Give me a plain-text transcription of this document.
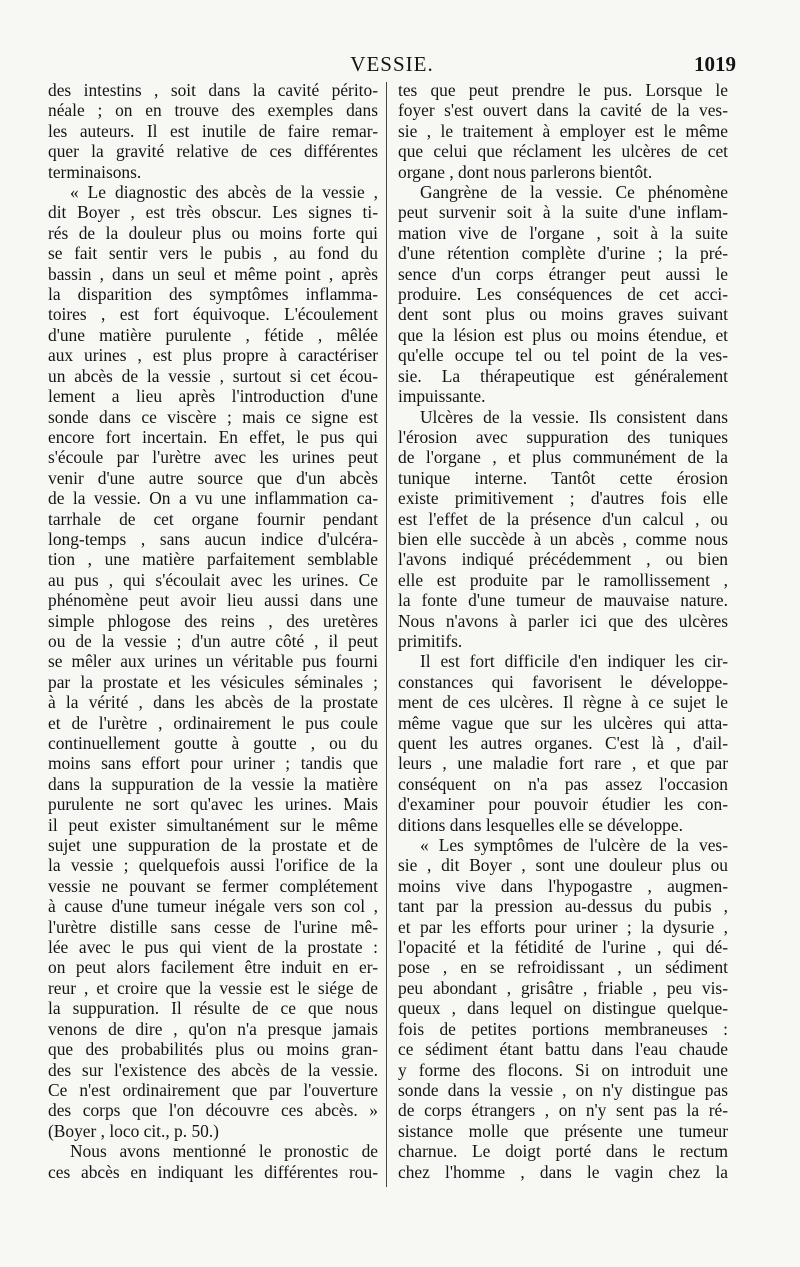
VESSIE.	1019
des intestins , soit dans la cavité périto-
néale ; on en trouve des exemples dans
les auteurs. Il est inutile de faire remar-
quer la gravité relative de ces différentes
terminaisons.
« Le diagnostic des abcès de la vessie ,
dit Boyer , est très obscur. Les signes ti-
rés de la douleur plus ou moins forte qui
se fait sentir vers le pubis , au fond du
bassin , dans un seul et même point , après
la disparition des symptômes inflamma-
toires , est fort équivoque. L'écoulement
d'une matière purulente , fétide , mêlée
aux urines , est plus propre à caractériser
un abcès de la vessie , surtout si cet écou-
lement a lieu après l'introduction d'une
sonde dans ce viscère ; mais ce signe est
encore fort incertain. En effet, le pus qui
s'écoule par l'urètre avec les urines peut
venir d'une autre source que d'un abcès
de la vessie. On a vu une inflammation ca-
tarrhale de cet organe fournir pendant
long-temps , sans aucun indice d'ulcéra-
tion , une matière parfaitement semblable
au pus , qui s'écoulait avec les urines. Ce
phénomène peut avoir lieu aussi dans une
simple phlogose des reins , des uretères
ou de la vessie ; d'un autre côté , il peut
se mêler aux urines un véritable pus fourni
par la prostate et les vésicules séminales ;
à la vérité , dans les abcès de la prostate
et de l'urètre , ordinairement le pus coule
continuellement goutte à goutte , ou du
moins sans effort pour uriner ; tandis que
dans la suppuration de la vessie la matière
purulente ne sort qu'avec les urines. Mais
il peut exister simultanément sur le même
sujet une suppuration de la prostate et de
la vessie ; quelquefois aussi l'orifice de la
vessie ne pouvant se fermer complétement
à cause d'une tumeur inégale vers son col ,
l'urètre distille sans cesse de l'urine mê-
lée avec le pus qui vient de la prostate :
on peut alors facilement être induit en er-
reur , et croire que la vessie est le siége de
la suppuration. Il résulte de ce que nous
venons de dire , qu'on n'a presque jamais
que des probabilités plus ou moins gran-
des sur l'existence des abcès de la vessie.
Ce n'est ordinairement que par l'ouverture
des corps que l'on découvre ces abcès. »
(Boyer , loco cit., p. 50.)
Nous avons mentionné le pronostic de
ces abcès en indiquant les différentes rou-
tes que peut prendre le pus. Lorsque le
foyer s'est ouvert dans la cavité de la ves-
sie , le traitement à employer est le même
que celui que réclament les ulcères de cet
organe , dont nous parlerons bientôt.
Gangrène de la vessie. Ce phénomène
peut survenir soit à la suite d'une inflam-
mation vive de l'organe , soit à la suite
d'une rétention complète d'urine ; la pré-
sence d'un corps étranger peut aussi le
produire. Les conséquences de cet acci-
dent sont plus ou moins graves suivant
que la lésion est plus ou moins étendue, et
qu'elle occupe tel ou tel point de la ves-
sie. La thérapeutique est généralement
impuissante.
Ulcères de la vessie. Ils consistent dans
l'érosion avec suppuration des tuniques
de l'organe , et plus communément de la
tunique interne. Tantôt cette érosion
existe primitivement ; d'autres fois elle
est l'effet de la présence d'un calcul , ou
bien elle succède à un abcès , comme nous
l'avons indiqué précédemment , ou bien
elle est produite par le ramollissement ,
la fonte d'une tumeur de mauvaise nature.
Nous n'avons à parler ici que des ulcères
primitifs.
Il est fort difficile d'en indiquer les cir-
constances qui favorisent le développe-
ment de ces ulcères. Il règne à ce sujet le
même vague que sur les ulcères qui atta-
quent les autres organes. C'est là , d'ail-
leurs , une maladie fort rare , et que par
conséquent on n'a pas assez l'occasion
d'examiner pour pouvoir étudier les con-
ditions dans lesquelles elle se développe.
« Les symptômes de l'ulcère de la ves-
sie , dit Boyer , sont une douleur plus ou
moins vive dans l'hypogastre , augmen-
tant par la pression au-dessus du pubis ,
et par les efforts pour uriner ; la dysurie ,
l'opacité et la fétidité de l'urine , qui dé-
pose , en se refroidissant , un sédiment
peu abondant , grisâtre , friable , peu vis-
queux , dans lequel on distingue quelque-
fois de petites portions membraneuses :
ce sédiment étant battu dans l'eau chaude
y forme des flocons. Si on introduit une
sonde dans la vessie , on n'y distingue pas
de corps étrangers , on n'y sent pas la ré-
sistance molle que présente une tumeur
charnue. Le doigt porté dans le rectum
chez l'homme , dans le vagin chez la
